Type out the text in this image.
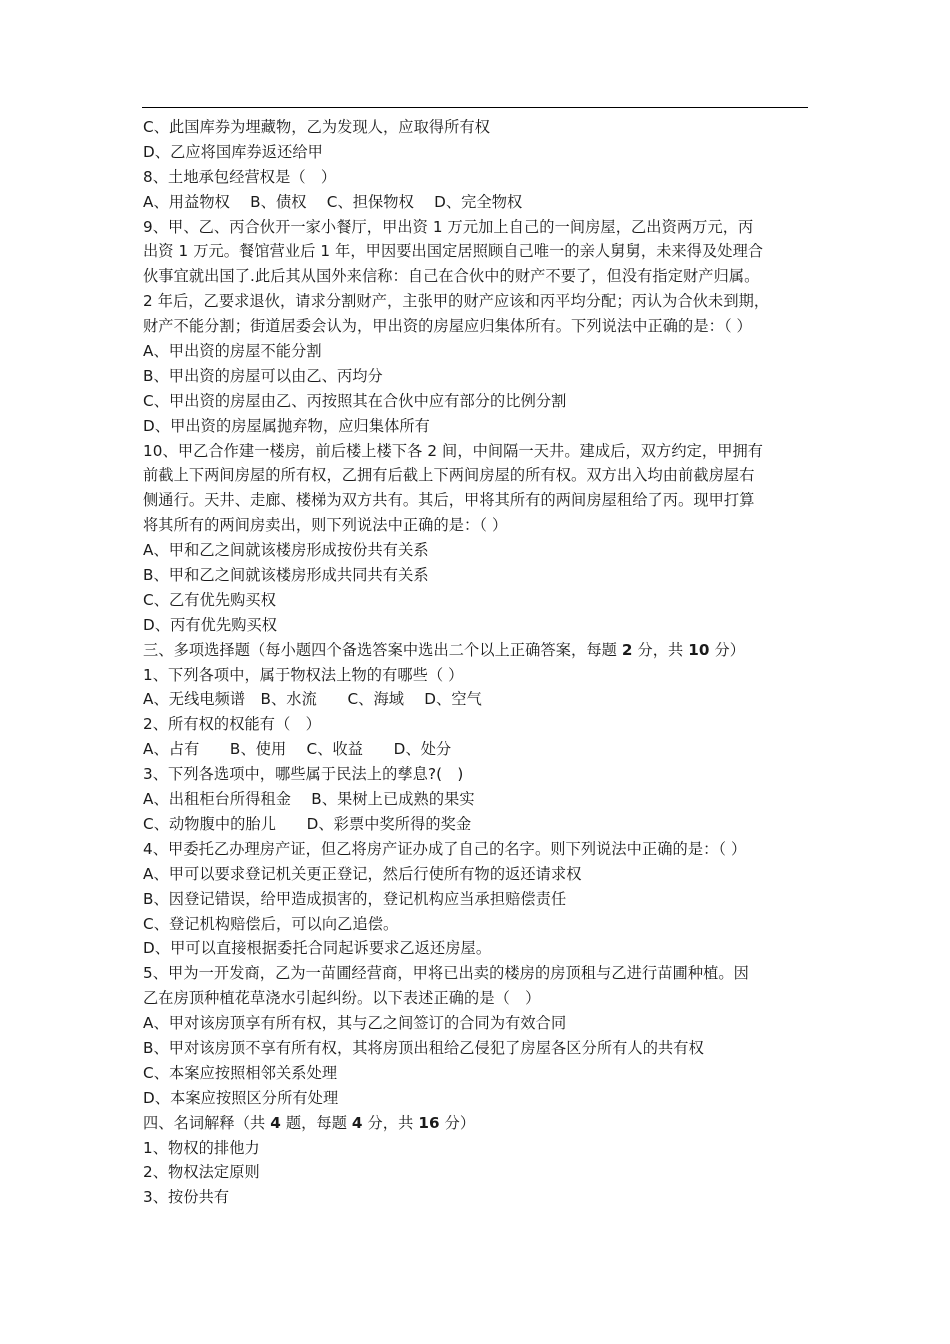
C、此国库券为埋藏物，乙为发现人，应取得所有权
D、乙应将国库券返还给甲
8、土地承包经营权是（　）
A、用益物权　 B、债权　 C、担保物权　 D、完全物权
9、甲、乙、丙合伙开一家小餐厅，甲出资 1 万元加上自己的一间房屋，乙出资两万元，丙
出资 1 万元。餐馆营业后 1 年，甲因要出国定居照顾自己唯一的亲人舅舅，未来得及处理合
伙事宜就出国了.此后其从国外来信称：自己在合伙中的财产不要了，但没有指定财产归属。
2 年后，乙要求退伙，请求分割财产，主张甲的财产应该和丙平均分配；丙认为合伙未到期，
财产不能分割；街道居委会认为，甲出资的房屋应归集体所有。下列说法中正确的是：（ ）
A、甲出资的房屋不能分割
B、甲出资的房屋可以由乙、丙均分
C、甲出资的房屋由乙、丙按照其在合伙中应有部分的比例分割
D、甲出资的房屋属抛弃物，应归集体所有
10、甲乙合作建一楼房，前后楼上楼下各 2 间，中间隔一天井。建成后，双方约定，甲拥有
前截上下两间房屋的所有权，乙拥有后截上下两间房屋的所有权。双方出入均由前截房屋右
侧通行。天井、走廊、楼梯为双方共有。其后，甲将其所有的两间房屋租给了丙。现甲打算
将其所有的两间房卖出，则下列说法中正确的是：（ ）
A、甲和乙之间就该楼房形成按份共有关系
B、甲和乙之间就该楼房形成共同共有关系
C、乙有优先购买权
D、丙有优先购买权
三、多项选择题（每小题四个备选答案中选出二个以上正确答案，每题 2 分，共 10 分）
1、下列各项中，属于物权法上物的有哪些（ ）
A、无线电频谱　B、水流　　C、海域　 D、空气
2、所有权的权能有（　）
A、占有　　B、使用　 C、收益　　D、处分
3、下列各选项中，哪些属于民法上的孳息?(　)
A、出租柜台所得租金　 B、果树上已成熟的果实
C、动物腹中的胎儿　　D、彩票中奖所得的奖金
4、甲委托乙办理房产证，但乙将房产证办成了自己的名字。则下列说法中正确的是：（ ）
A、甲可以要求登记机关更正登记，然后行使所有物的返还请求权
B、因登记错误，给甲造成损害的，登记机构应当承担赔偿责任
C、登记机构赔偿后，可以向乙追偿。
D、甲可以直接根据委托合同起诉要求乙返还房屋。
5、甲为一开发商，乙为一苗圃经营商，甲将已出卖的楼房的房顶租与乙进行苗圃种植。因
乙在房顶种植花草浇水引起纠纷。以下表述正确的是（　）
A、甲对该房顶享有所有权，其与乙之间签订的合同为有效合同
B、甲对该房顶不享有所有权，其将房顶出租给乙侵犯了房屋各区分所有人的共有权
C、本案应按照相邻关系处理
D、本案应按照区分所有处理
四、名词解释（共 4 题，每题 4 分，共 16 分）
1、物权的排他力
2、物权法定原则
3、按份共有
